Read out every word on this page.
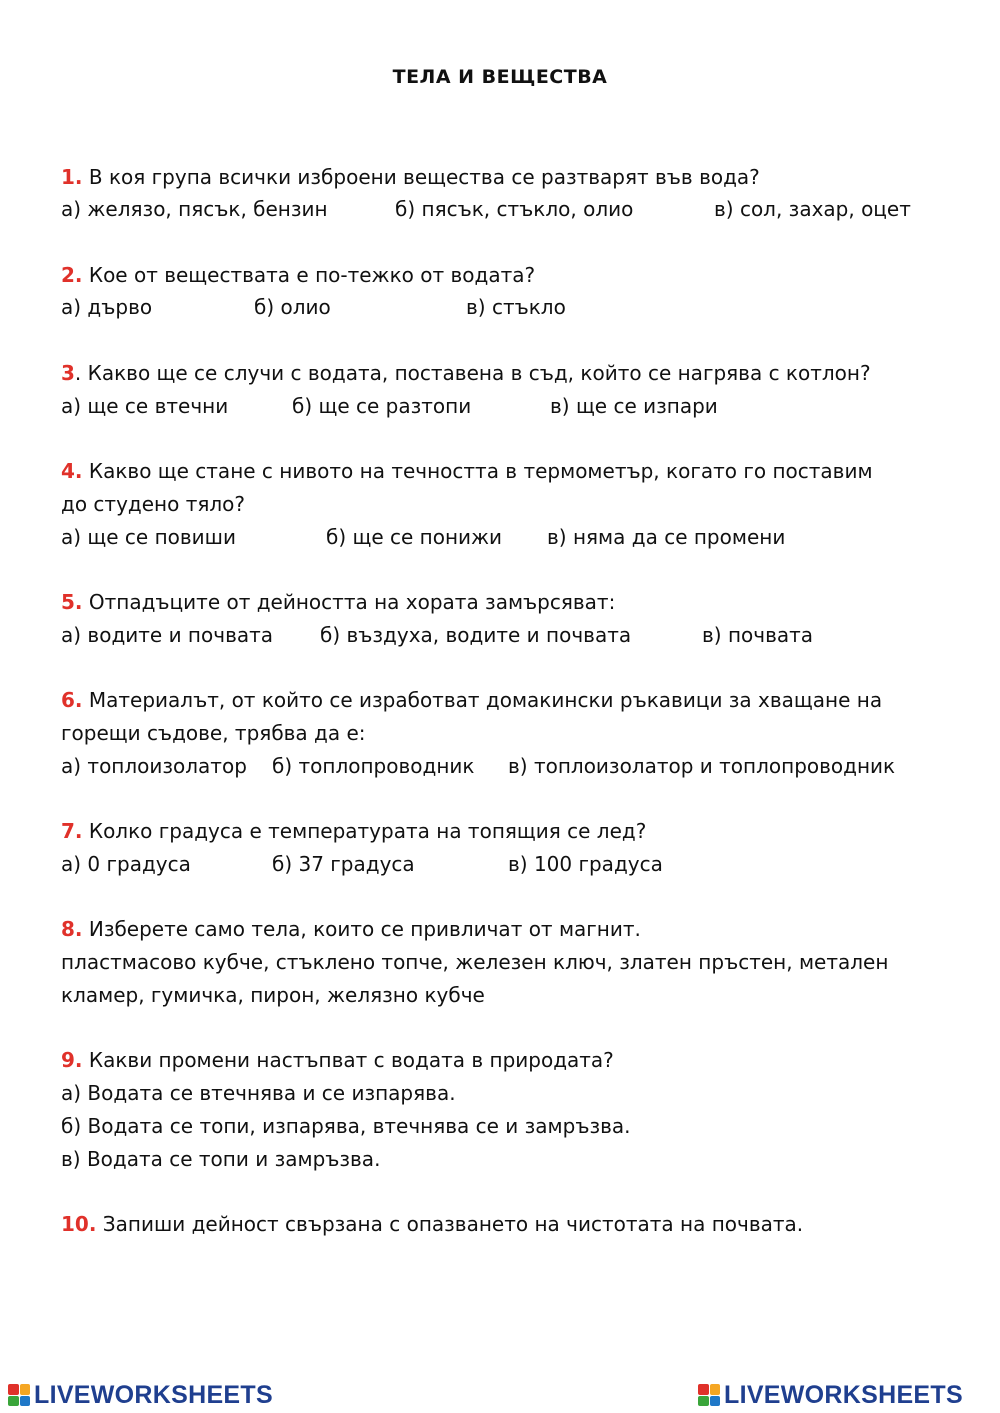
ТЕЛА И ВЕЩЕСТВА
1. В коя група всички изброени вещества се разтварят във вода?
а) желязо, пясък, бензин	б) пясък, стъкло, олио	в) сол, захар, оцет
2. Кое от веществата е по-тежко от водата?
а) дърво	б) олио	в) стъкло
3. Какво ще се случи с водата, поставена в съд, който се нагрява с котлон?
а) ще се втечни	б) ще се разтопи	в) ще се изпари
4. Какво ще стане с нивото на течността в термометър, когато го поставим
до студено тяло?
а) ще се повиши	б) ще се понижи в) няма да се промени
5. Отпадъците от дейността на хората замърсяват:
а) водите и почвата б) въздуха, водите и почвата	в) почвата
6. Материалът, от който се изработват домакински ръкавици за хващане на
горещи съдове, трябва да е:
а) топлоизолатор б) топлопроводник в) топлоизолатор и топлопроводник
7. Колко градуса е температурата на топящия се лед?
а) 0 градуса	б) 37 градуса	в) 100 градуса
8. Изберете само тела, които се привличат от магнит.
пластмасово кубче, стъклено топче, железен ключ, златен пръстен, метален
кламер, гумичка, пирон, желязно кубче
9. Какви промени настъпват с водата в природата?
а) Водата се втечнява и се изпарява.
б) Водата се топи, изпарява, втечнява се и замръзва.
в) Водата се топи и замръзва.
10. Запиши дейност свързана с опазването на чистотата на почвата.
LIVEWORKSHEETS	LIVEWORKSHEETS
